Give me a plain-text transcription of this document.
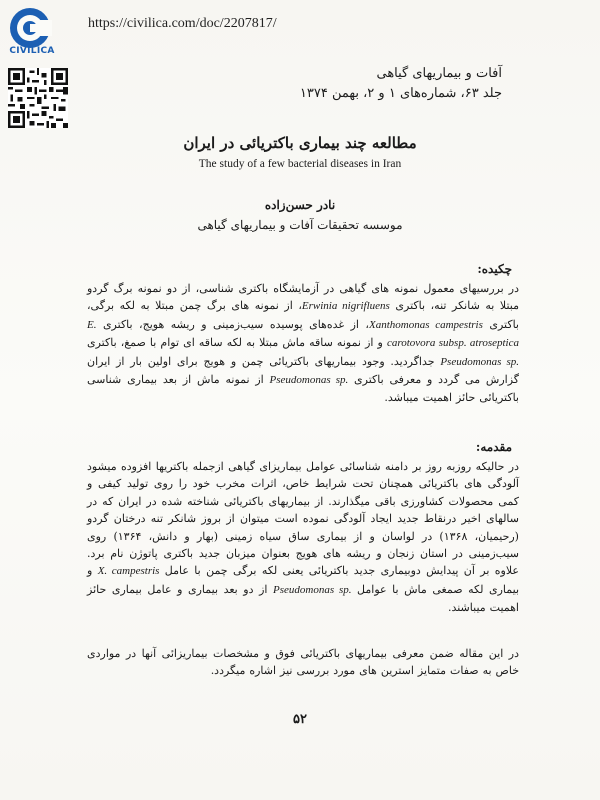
CIVILICA
https://civilica.com/doc/2207817/
آفات و بیماریهای گیاهی
جلد ۶۳، شماره‌های ۱ و ۲، بهمن ۱۳۷۴
مطالعه چند بیماری باکتریائی در ایران
The study of a few bacterial diseases in Iran
نادر حسن‌زاده
موسسه تحقیقات آفات و بیماریهای گیاهی
چکیده:
در بررسیهای معمول نمونه های گیاهی در آزمایشگاه باکتری شناسی، از دو نمونه برگ گردو مبتلا به شانکر تنه، باکتری Erwinia nigrifluens، از نمونه های برگ چمن مبتلا به لکه برگی، باکتری Xanthomonas campestris، از غده‌های پوسیده سیب‌زمینی و ریشه هویج، باکتری E. carotovora subsp. atroseptica و از نمونه ساقه ماش مبتلا به لکه ساقه ای توام با صمغ، باکتری Pseudomonas sp. جداگردید. وجود بیماریهای باکتریائی چمن و هویج برای اولین بار از ایران گزارش می گردد و معرفی باکتری Pseudomonas sp. از نمونه ماش از بعد بیماری شناسی باکتریائی حائز اهمیت میباشد.
مقدمه:
در حالیکه روزبه روز بر دامنه شناسائی عوامل بیماریزای گیاهی ازجمله باکتریها افزوده میشود آلودگی های باکتریائی همچنان تحت شرایط خاص، اثرات مخرب خود را روی تولید کیفی و کمی محصولات کشاورزی باقی میگذارند. از بیماریهای باکتریائی شناخته شده در ایران که در سالهای اخیر درنقاط جدید ایجاد آلودگی نموده است میتوان از بروز شانکر تنه درختان گردو (رحیمیان، ۱۳۶۸) در لواسان و از بیماری ساق سیاه زمینی (بهار و دانش، ۱۳۶۴) روی سیب‌زمینی در استان زنجان و ریشه های هویج بعنوان میزبان جدید باکتری پاتوژن نام برد. علاوه بر آن پیدایش دوبیماری جدید باکتریائی یعنی لکه برگی چمن با عامل X. campestris و بیماری لکه صمغی ماش با عوامل Pseudomonas sp. از دو بعد بیماری و عامل بیماری حائز اهمیت میباشند.
در این مقاله ضمن معرفی بیماریهای باکتریائی فوق و مشخصات بیماریزائی آنها در مواردی خاص به صفات متمایز استرین های مورد بررسی نیز اشاره میگردد.
۵۲
